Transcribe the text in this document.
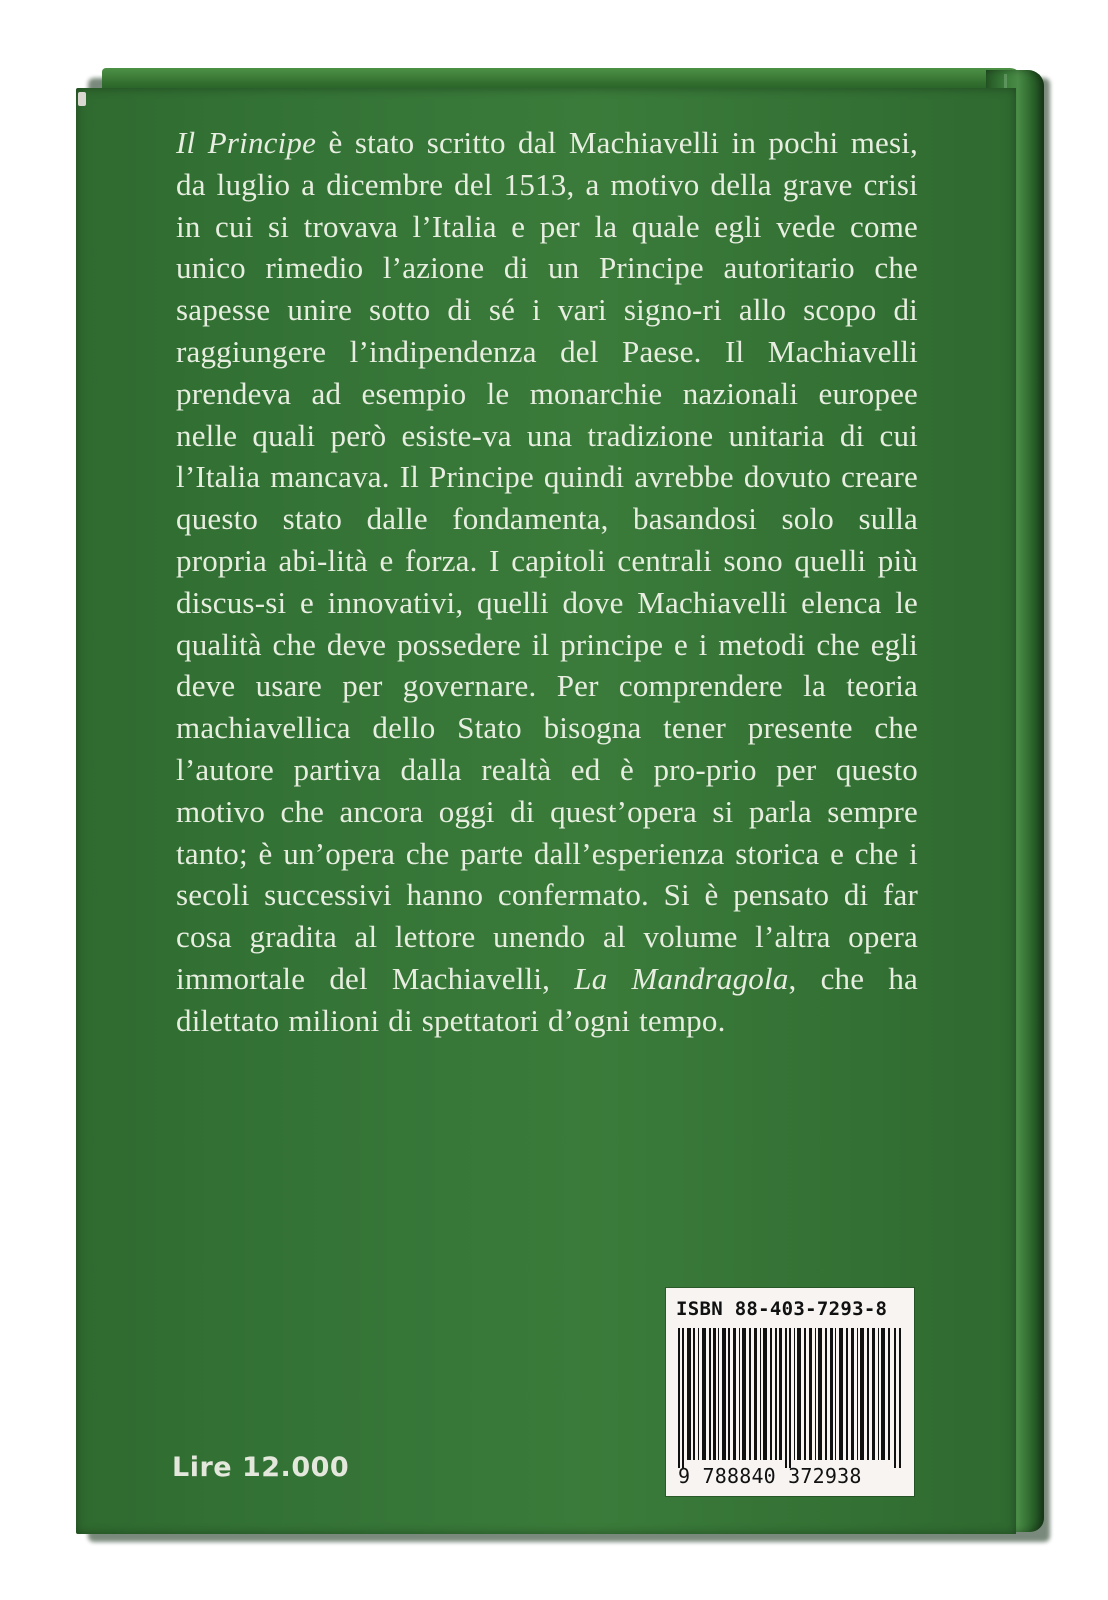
Il Principe è stato scritto dal Machiavelli in pochi mesi, da luglio a dicembre del 1513, a motivo della grave crisi in cui si trovava l’Italia e per la quale egli vede come unico rimedio l’azione di un Principe autoritario che sapesse unire sotto di sé i vari signo-ri allo scopo di raggiungere l’indipendenza del Paese. Il Machiavelli prendeva ad esempio le monarchie nazionali europee nelle quali però esiste-va una tradizione unitaria di cui l’Italia mancava. Il Principe quindi avrebbe dovuto creare questo stato dalle fondamenta, basandosi solo sulla propria abi-lità e forza. I capitoli centrali sono quelli più discus-si e innovativi, quelli dove Machiavelli elenca le qualità che deve possedere il principe e i metodi che egli deve usare per governare. Per comprendere la teoria machiavellica dello Stato bisogna tener presente che l’autore partiva dalla realtà ed è pro-prio per questo motivo che ancora oggi di quest’opera si parla sempre tanto; è un’opera che parte dall’esperienza storica e che i secoli successivi hanno confermato. Si è pensato di far cosa gradita al lettore unendo al volume l’altra opera immortale del Machiavelli, La Mandragola, che ha dilettato milioni di spettatori d’ogni tempo.

Lire 12.000

ISBN 88-403-7293-8

9 788840 372938
